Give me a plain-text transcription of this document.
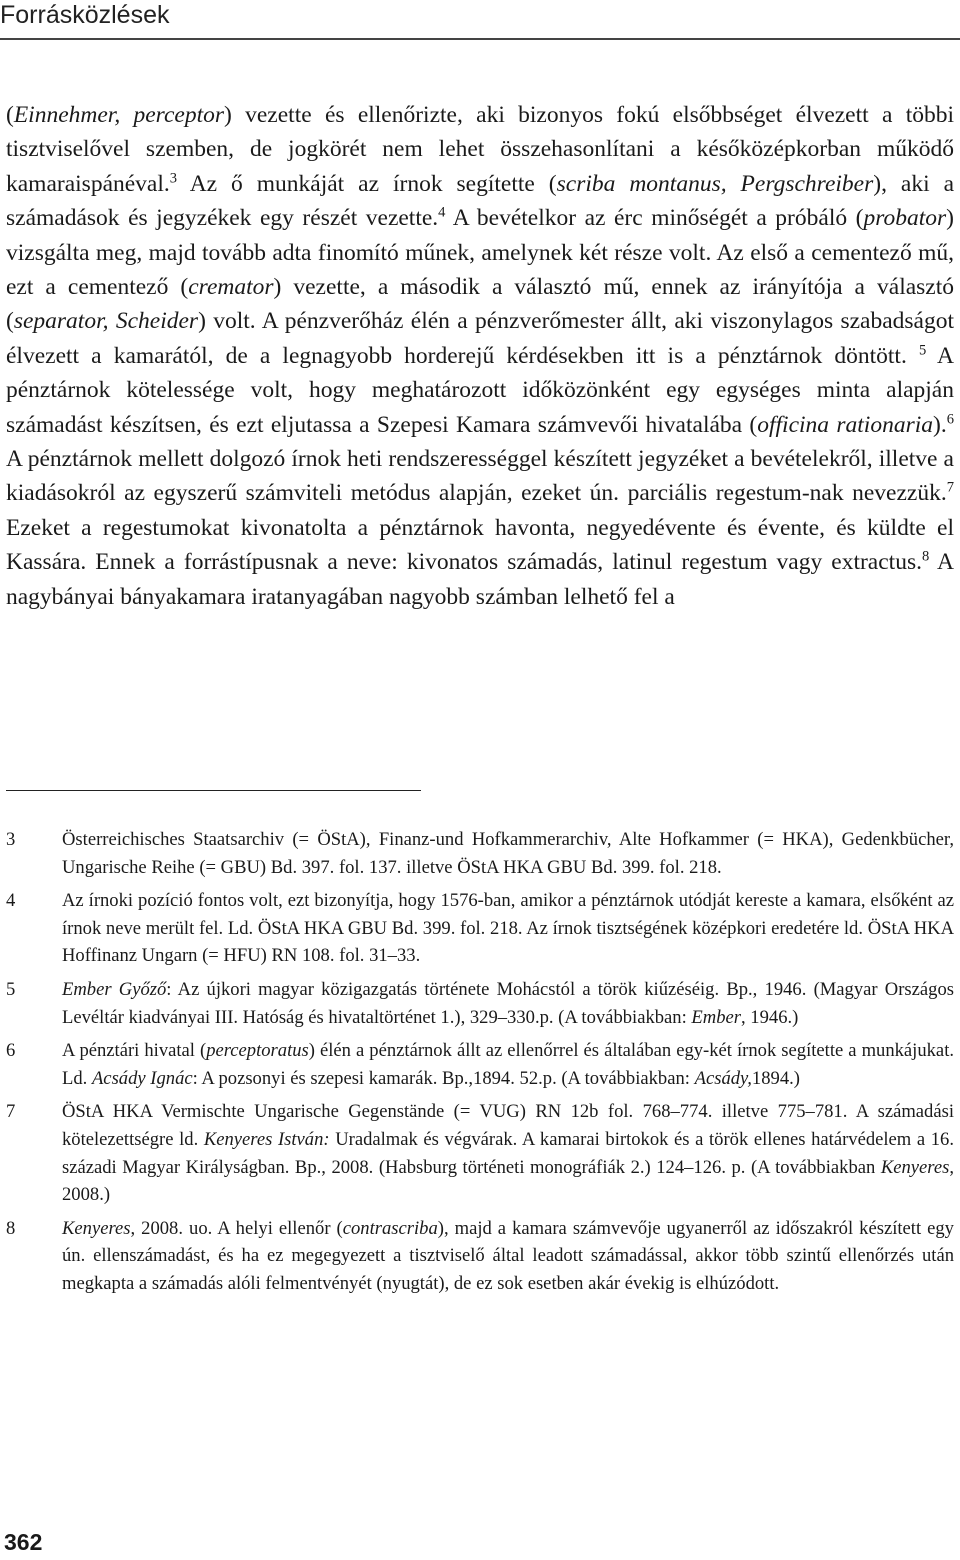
Forrásközlések

(Einnehmer, perceptor) vezette és ellenőrizte, aki bizonyos fokú elsőbbséget élvezett a többi tisztviselővel szemben, de jogkörét nem lehet összehasonlítani a későközépkorban működő kamaraispánéval.$^3$ Az ő munkáját az írnok segítette (scriba montanus, Pergschreiber), aki a számadások és jegyzékek egy részét vezette.$^4$ A bevételkor az érc minőségét a próbáló (probator) vizsgálta meg, majd tovább adta finomító műnek, amelynek két része volt. Az első a cementező mű, ezt a cementező (cremator) vezette, a második a választó mű, ennek az irányítója a választó (separator, Scheider) volt. A pénzverőház élén a pénzverőmester állt, aki viszonylagos szabadságot élvezett a kamarától, de a legnagyobb horderejű kérdésekben itt is a pénztárnok döntött. $^5$ A pénztárnok kötelessége volt, hogy meghatározott időközönként egy egységes minta alapján számadást készítsen, és ezt eljutassa a Szepesi Kamara számvevői hivatalába (officina rationaria).$^6$ A pénztárnok mellett dolgozó írnok heti rendszerességgel készített jegyzéket a bevételekről, illetve a kiadásokról az egyszerű számviteli metódus alapján, ezeket ún. parciális regestum-nak nevezzük.$^7$ Ezeket a regestumokat kivonatolta a pénztárnok havonta, negyedévente és évente, és küldte el Kassára. Ennek a forrástípusnak a neve: kivonatos számadás, latinul regestum vagy extractus.$^8$ A nagybányai bányakamara iratanyagában nagyobb számban lelhető fel a

3	Österreichisches Staatsarchiv (= ÖStA), Finanz-und Hofkammerarchiv, Alte Hofkammer (= HKA), Gedenkbücher, Ungarische Reihe (= GBU) Bd. 397. fol. 137. illetve ÖStA HKA GBU Bd. 399. fol. 218.
4	Az írnoki pozíció fontos volt, ezt bizonyítja, hogy 1576-ban, amikor a pénztárnok utódját kereste a kamara, elsőként az írnok neve merült fel. Ld. ÖStA HKA GBU Bd. 399. fol. 218. Az írnok tisztségének középkori eredetére ld. ÖStA HKA Hoffinanz Ungarn (= HFU) RN 108. fol. 31–33.
5	Ember Győző: Az újkori magyar közigazgatás története Mohácstól a török kiűzéséig. Bp., 1946. (Magyar Országos Levéltár kiadványai III. Hatóság és hivataltörténet 1.), 329–330.p. (A továbbiakban: Ember, 1946.)
6	A pénztári hivatal (perceptoratus) élén a pénztárnok állt az ellenőrrel és általában egy-két írnok segítette a munkájukat. Ld. Acsády Ignác: A pozsonyi és szepesi kamarák. Bp.,1894. 52.p. (A továbbiakban: Acsády,1894.)
7	ÖStA HKA Vermischte Ungarische Gegenstände (= VUG) RN 12b fol. 768–774. illetve 775–781. A számadási kötelezettségre ld. Kenyeres István: Uradalmak és végvárak. A kamarai birtokok és a török ellenes határvédelem a 16. századi Magyar Királyságban. Bp., 2008. (Habsburg történeti monográfiák 2.) 124–126. p. (A továbbiakban Kenyeres, 2008.)
8	Kenyeres, 2008. uo. A helyi ellenőr (contrascriba), majd a kamara számvevője ugyanerről az időszakról készített egy ún. ellenszámadást, és ha ez megegyezett a tisztviselő által leadott számadással, akkor több szintű ellenőrzés után megkapta a számadás alóli felmentvényét (nyugtát), de ez sok esetben akár évekig is elhúzódott.
362
